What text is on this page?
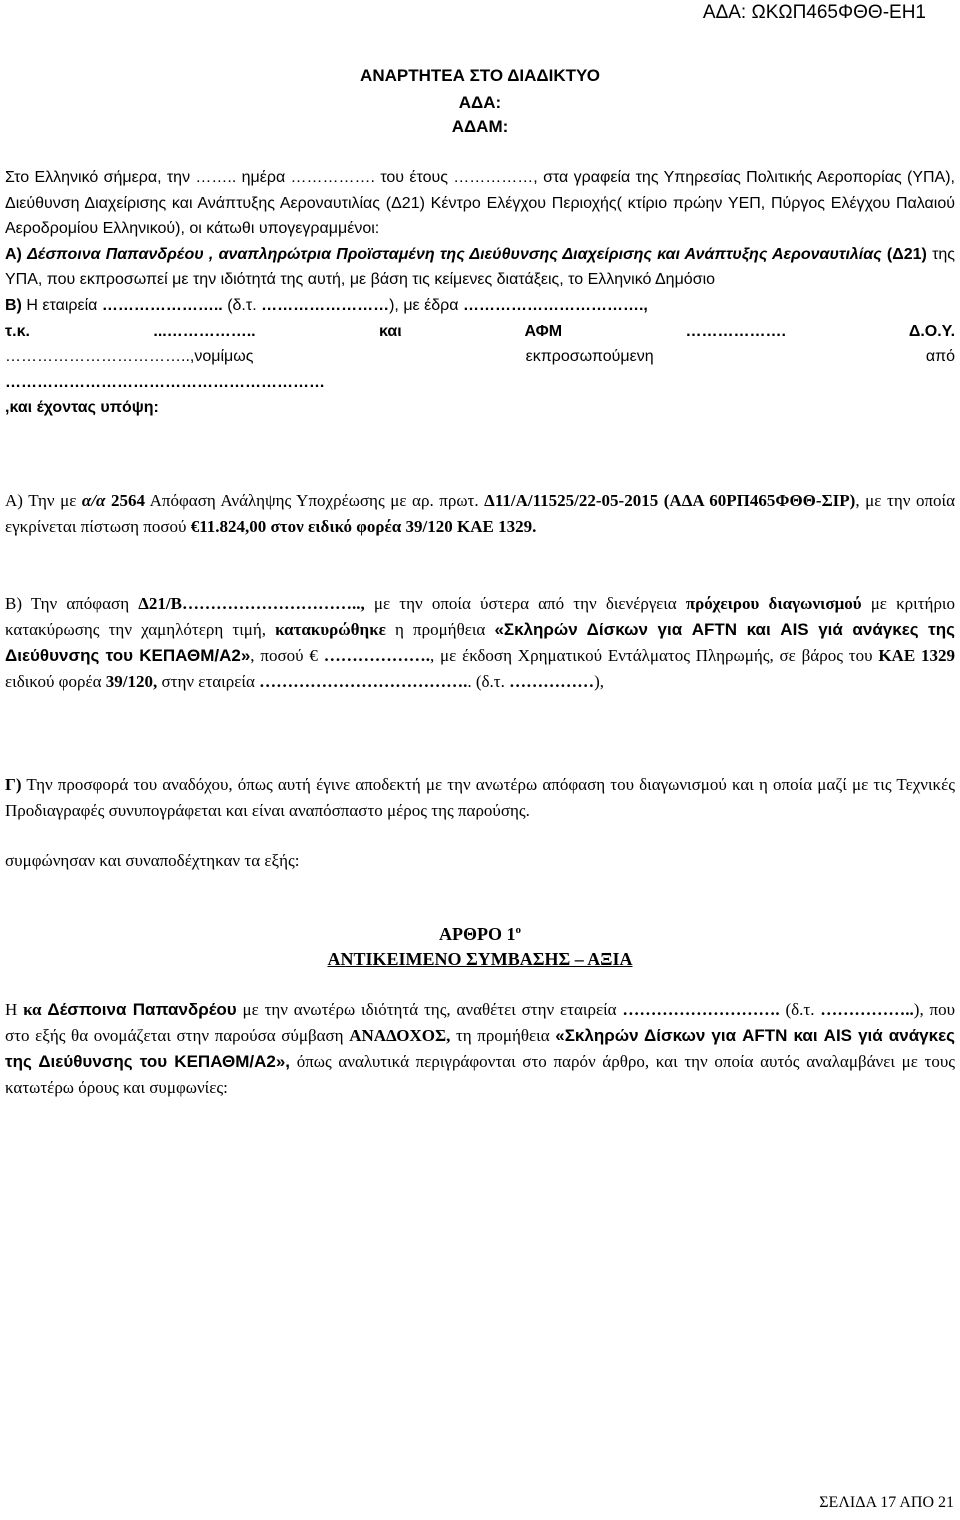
ΑΔΑ: ΩΚΩΠ465ΦΘΘ-ΕΗ1
ΑΝΑΡΤΗΤΕΑ ΣΤΟ ΔΙΑΔΙΚΤΥΟ
ΑΔΑ:
ΑΔΑΜ:

Στο Ελληνικό σήμερα, την …….. ημέρα ……………. του έτους ……………, στα γραφεία της Υπηρεσίας Πολιτικής Αεροπορίας (ΥΠΑ), Διεύθυνση Διαχείρισης και Ανάπτυξης Αεροναυτιλίας (Δ21) Κέντρο Ελέγχου Περιοχής( κτίριο πρώην ΥΕΠ, Πύργος Ελέγχου Παλαιού Αεροδρομίου Ελληνικού), οι κάτωθι υπογεγραμμένοι:

Α) Δέσποινα Παπανδρέου , αναπληρώτρια Προϊσταμένη της Διεύθυνσης Διαχείρισης και Ανάπτυξης Αεροναυτιλίας (Δ21) της ΥΠΑ, που εκπροσωπεί με την ιδιότητά της αυτή, με βάση τις κείμενες διατάξεις, το Ελληνικό Δημόσιο

Β) Η εταιρεία ………………….. (δ.τ. ……………………), με έδρα …………………………….,

τ.κ.	...……………..	και	ΑΦΜ	……………….	Δ.Ο.Υ.

……………………………..,νομίμως	εκπροσωπούμενη	από

……………………………………………………

,και έχοντας υπόψη:

Α) Την με α/α 2564 Απόφαση Ανάληψης Υποχρέωσης με αρ. πρωτ. Δ11/Α/11525/22-05-2015 (ΑΔΑ 60ΡΠ465ΦΘΘ-ΣΙΡ), με την οποία εγκρίνεται πίστωση ποσού €11.824,00 στον ειδικό φορέα 39/120 ΚΑΕ 1329.

Β) Την απόφαση Δ21/Β………………………….., με την οποία ύστερα από την διενέργεια πρόχειρου διαγωνισμού με κριτήριο κατακύρωσης την χαμηλότερη τιμή, κατακυρώθηκε η προμήθεια «Σκληρών Δίσκων για AFTN και AIS γιά ανάγκες της Διεύθυνσης του ΚΕΠΑΘΜ/Α2», ποσού € ………………., με έκδοση Χρηματικού Εντάλματος Πληρωμής, σε βάρος του ΚΑΕ 1329 ειδικού φορέα 39/120, στην εταιρεία ……………………………….. (δ.τ. ……………),

Γ) Την προσφορά του αναδόχου, όπως αυτή έγινε αποδεκτή με την ανωτέρω απόφαση του διαγωνισμού και η οποία μαζί με τις Τεχνικές Προδιαγραφές συνυπογράφεται και είναι αναπόσπαστο μέρος της παρούσης.

συμφώνησαν και συναποδέχτηκαν τα εξής:
ΑΡΘΡΟ $1^o$
ΑΝΤΙΚΕΙΜΕΝΟ ΣΥΜΒΑΣΗΣ – ΑΞΙΑ

Η κα Δέσποινα Παπανδρέου με την ανωτέρω ιδιότητά της, αναθέτει στην εταιρεία ………………………. (δ.τ. ……………..), που στο εξής θα ονομάζεται στην παρούσα σύμβαση ΑΝΑΔΟΧΟΣ, τη προμήθεια «Σκληρών Δίσκων για AFTN και AIS γιά ανάγκες της Διεύθυνσης του ΚΕΠΑΘΜ/Α2», όπως αναλυτικά περιγράφονται στο παρόν άρθρο, και την οποία αυτός αναλαμβάνει με τους κατωτέρω όρους και συμφωνίες:

ΣΕΛΙΔΑ 17 ΑΠΟ 21
